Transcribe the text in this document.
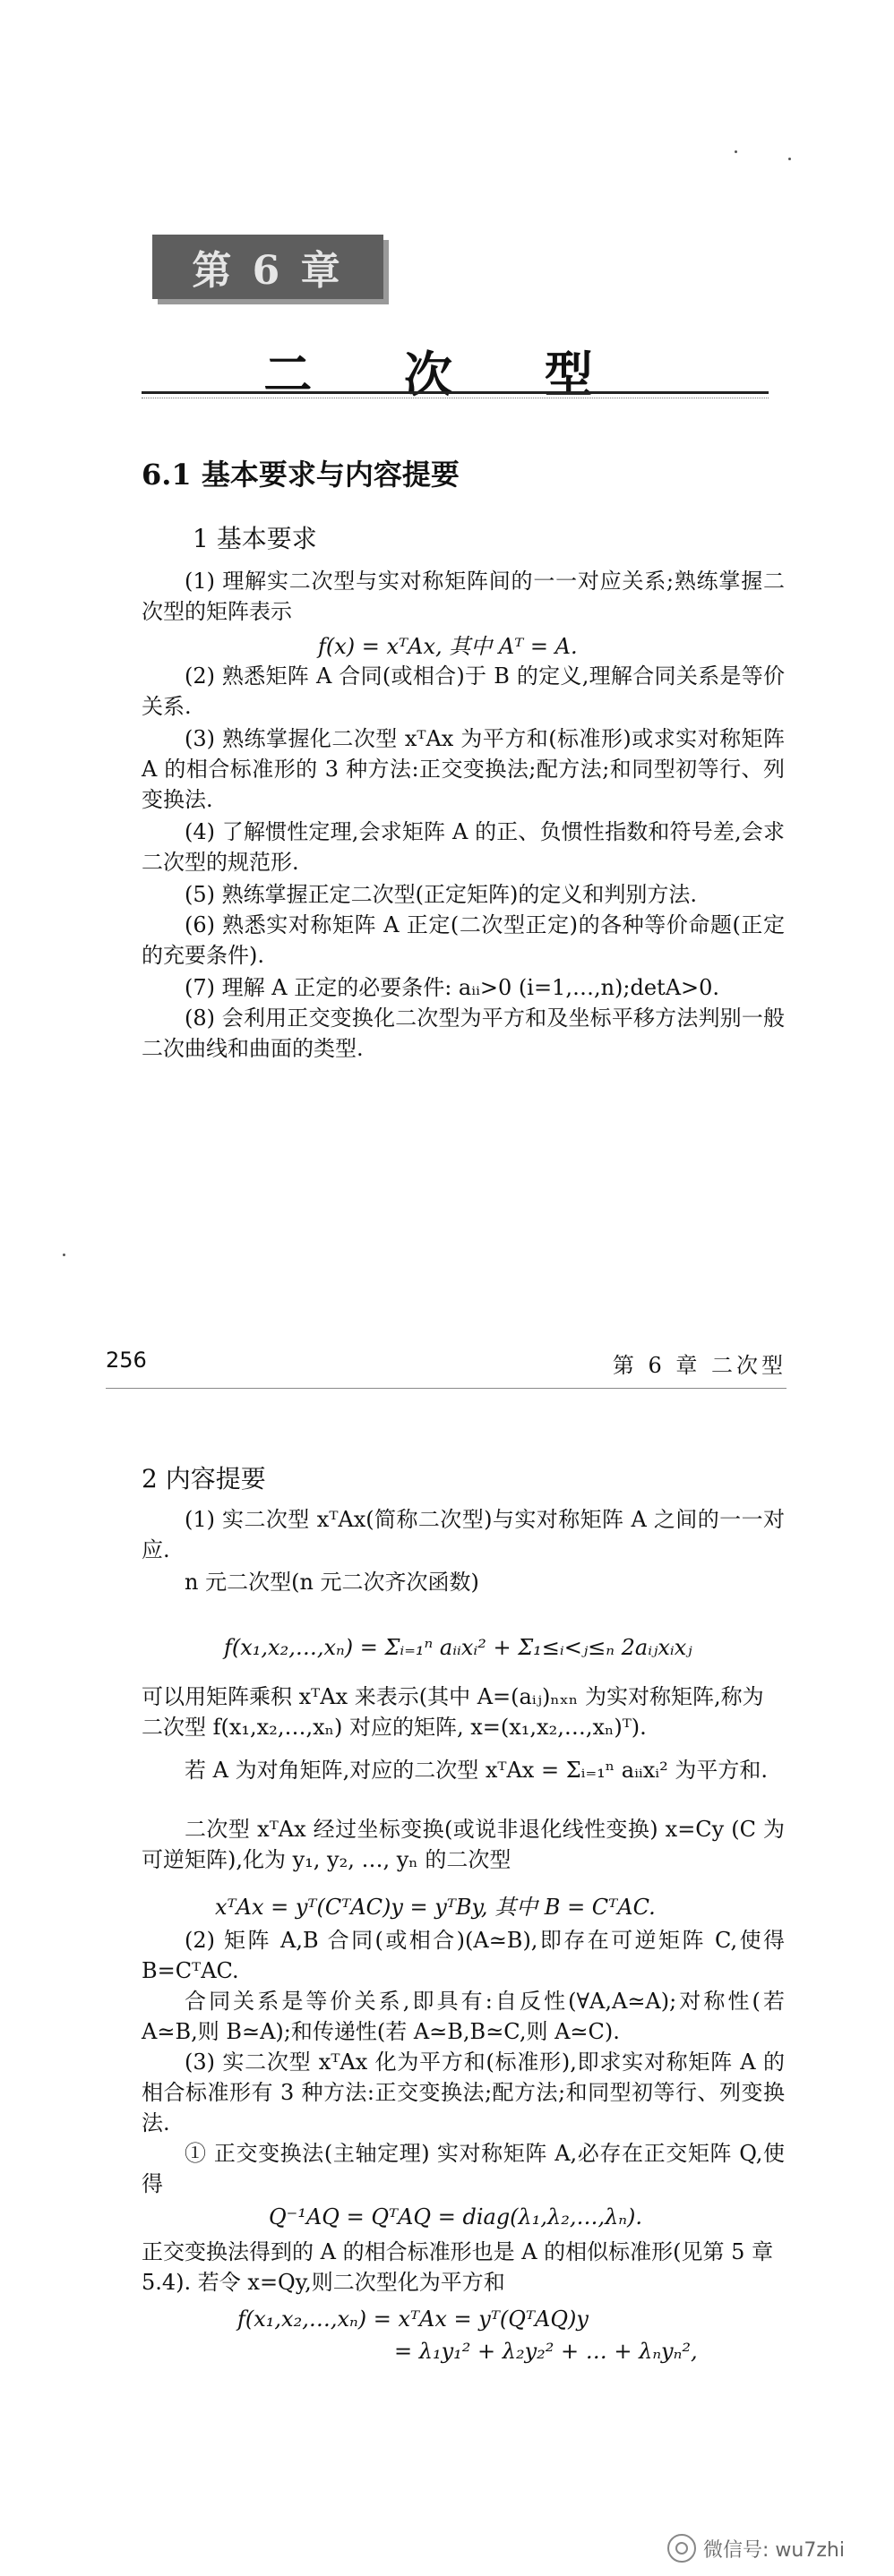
第 6 章
二 次 型
6.1 基本要求与内容提要
1 基本要求
(1) 理解实二次型与实对称矩阵间的一一对应关系;熟练掌握二次型的矩阵表示
f(x) = xᵀAx, 其中 Aᵀ = A.
(2) 熟悉矩阵 A 合同(或相合)于 B 的定义,理解合同关系是等价关系.
(3) 熟练掌握化二次型 xᵀAx 为平方和(标准形)或求实对称矩阵 A 的相合标准形的 3 种方法:正交变换法;配方法;和同型初等行、列变换法.
(4) 了解惯性定理,会求矩阵 A 的正、负惯性指数和符号差,会求二次型的规范形.
(5) 熟练掌握正定二次型(正定矩阵)的定义和判别方法.
(6) 熟悉实对称矩阵 A 正定(二次型正定)的各种等价命题(正定的充要条件).
(7) 理解 A 正定的必要条件: aᵢᵢ>0 (i=1,…,n);detA>0.
(8) 会利用正交变换化二次型为平方和及坐标平移方法判别一般二次曲线和曲面的类型.
256	第 6 章 二次型
2 内容提要
(1) 实二次型 xᵀAx(简称二次型)与实对称矩阵 A 之间的一一对应.
n 元二次型(n 元二次齐次函数)
f(x₁,x₂,…,xₙ) = Σᵢ₌₁ⁿ aᵢᵢxᵢ² + Σ₁≤ᵢ<ⱼ≤ₙ 2aᵢⱼxᵢxⱼ
可以用矩阵乘积 xᵀAx 来表示(其中 A=(aᵢⱼ)ₙₓₙ 为实对称矩阵,称为二次型 f(x₁,x₂,…,xₙ) 对应的矩阵, x=(x₁,x₂,…,xₙ)ᵀ).
若 A 为对角矩阵,对应的二次型 xᵀAx = Σᵢ₌₁ⁿ aᵢᵢxᵢ² 为平方和.
二次型 xᵀAx 经过坐标变换(或说非退化线性变换) x=Cy (C 为可逆矩阵),化为 y₁, y₂, …, yₙ 的二次型
xᵀAx = yᵀ(CᵀAC)y = yᵀBy, 其中 B = CᵀAC.
(2) 矩阵 A,B 合同(或相合)(A≃B),即存在可逆矩阵 C,使得 B=CᵀAC.
合同关系是等价关系,即具有:自反性(∀A,A≃A);对称性(若 A≃B,则 B≃A);和传递性(若 A≃B,B≃C,则 A≃C).
(3) 实二次型 xᵀAx 化为平方和(标准形),即求实对称矩阵 A 的相合标准形有 3 种方法:正交变换法;配方法;和同型初等行、列变换法.
① 正交变换法(主轴定理) 实对称矩阵 A,必存在正交矩阵 Q,使得
Q⁻¹AQ = QᵀAQ = diag(λ₁,λ₂,…,λₙ).
正交变换法得到的 A 的相合标准形也是 A 的相似标准形(见第 5 章 5.4). 若令 x=Qy,则二次型化为平方和
f(x₁,x₂,…,xₙ) = xᵀAx = yᵀ(QᵀAQ)y
= λ₁y₁² + λ₂y₂² + … + λₙyₙ²,
微信号: wu7zhi
